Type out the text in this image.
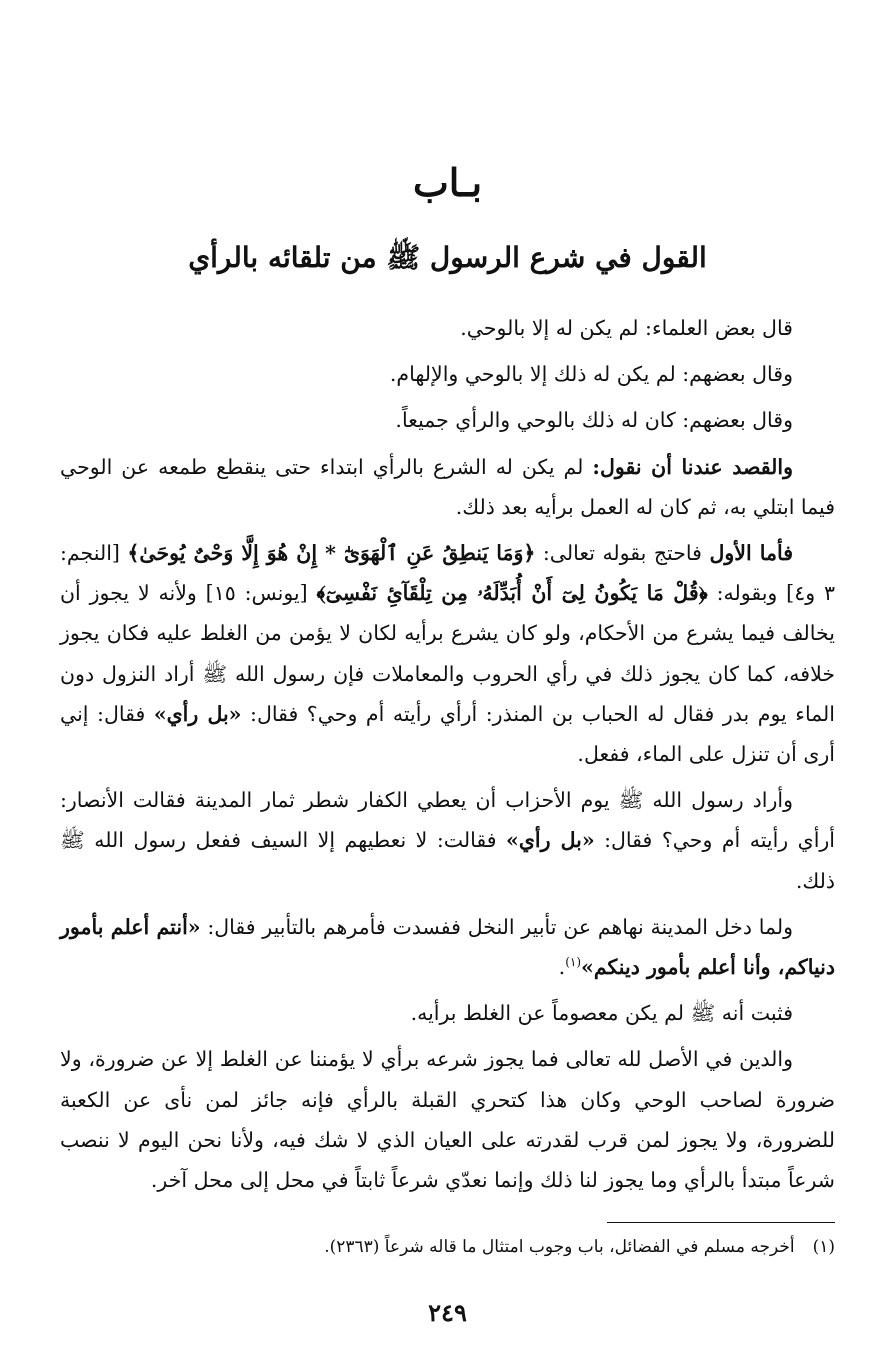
بـاب
القول في شرع الرسول ﷺ من تلقائه بالرأي

قال بعض العلماء: لم يكن له إلا بالوحي.

وقال بعضهم: لم يكن له ذلك إلا بالوحي والإلهام.

وقال بعضهم: كان له ذلك بالوحي والرأي جميعاً.

والقصد عندنا أن نقول: لم يكن له الشرع بالرأي ابتداء حتى ينقطع طمعه عن الوحي فيما ابتلي به، ثم كان له العمل برأيه بعد ذلك.

فأما الأول فاحتج بقوله تعالى: ﴿وَمَا يَنطِقُ عَنِ ٱلْهَوَىٰٓ * إِنْ هُوَ إِلَّا وَحْىٌ يُوحَىٰ﴾ [النجم: ٣ و٤] وبقوله: ﴿قُلْ مَا يَكُونُ لِىٓ أَنْ أُبَدِّلَهُۥ مِن تِلْقَآئِ نَفْسِىٓ﴾ [يونس: ١٥] ولأنه لا يجوز أن يخالف فيما يشرع من الأحكام، ولو كان يشرع برأيه لكان لا يؤمن من الغلط عليه فكان يجوز خلافه، كما كان يجوز ذلك في رأي الحروب والمعاملات فإن رسول الله ﷺ أراد النزول دون الماء يوم بدر فقال له الحباب بن المنذر: أرأي رأيته أم وحي؟ فقال: «بل رأي» فقال: إني أرى أن تنزل على الماء، ففعل.

وأراد رسول الله ﷺ يوم الأحزاب أن يعطي الكفار شطر ثمار المدينة فقالت الأنصار: أرأي رأيته أم وحي؟ فقال: «بل رأي» فقالت: لا نعطيهم إلا السيف ففعل رسول الله ﷺ ذلك.

ولما دخل المدينة نهاهم عن تأبير النخل ففسدت فأمرهم بالتأبير فقال: «أنتم أعلم بأمور دنياكم، وأنا أعلم بأمور دينكم»$^{(١)}$.

فثبت أنه ﷺ لم يكن معصوماً عن الغلط برأيه.

والدين في الأصل لله تعالى فما يجوز شرعه برأي لا يؤمننا عن الغلط إلا عن ضرورة، ولا ضرورة لصاحب الوحي وكان هذا كتحري القبلة بالرأي فإنه جائز لمن نأى عن الكعبة للضرورة، ولا يجوز لمن قرب لقدرته على العيان الذي لا شك فيه، ولأنا نحن اليوم لا ننصب شرعاً مبتدأ بالرأي وما يجوز لنا ذلك وإنما نعدّي شرعاً ثابتاً في محل إلى محل آخر.

(١)أخرجه مسلم في الفضائل، باب وجوب امتثال ما قاله شرعاً (٢٣٦٣).
٢٤٩
